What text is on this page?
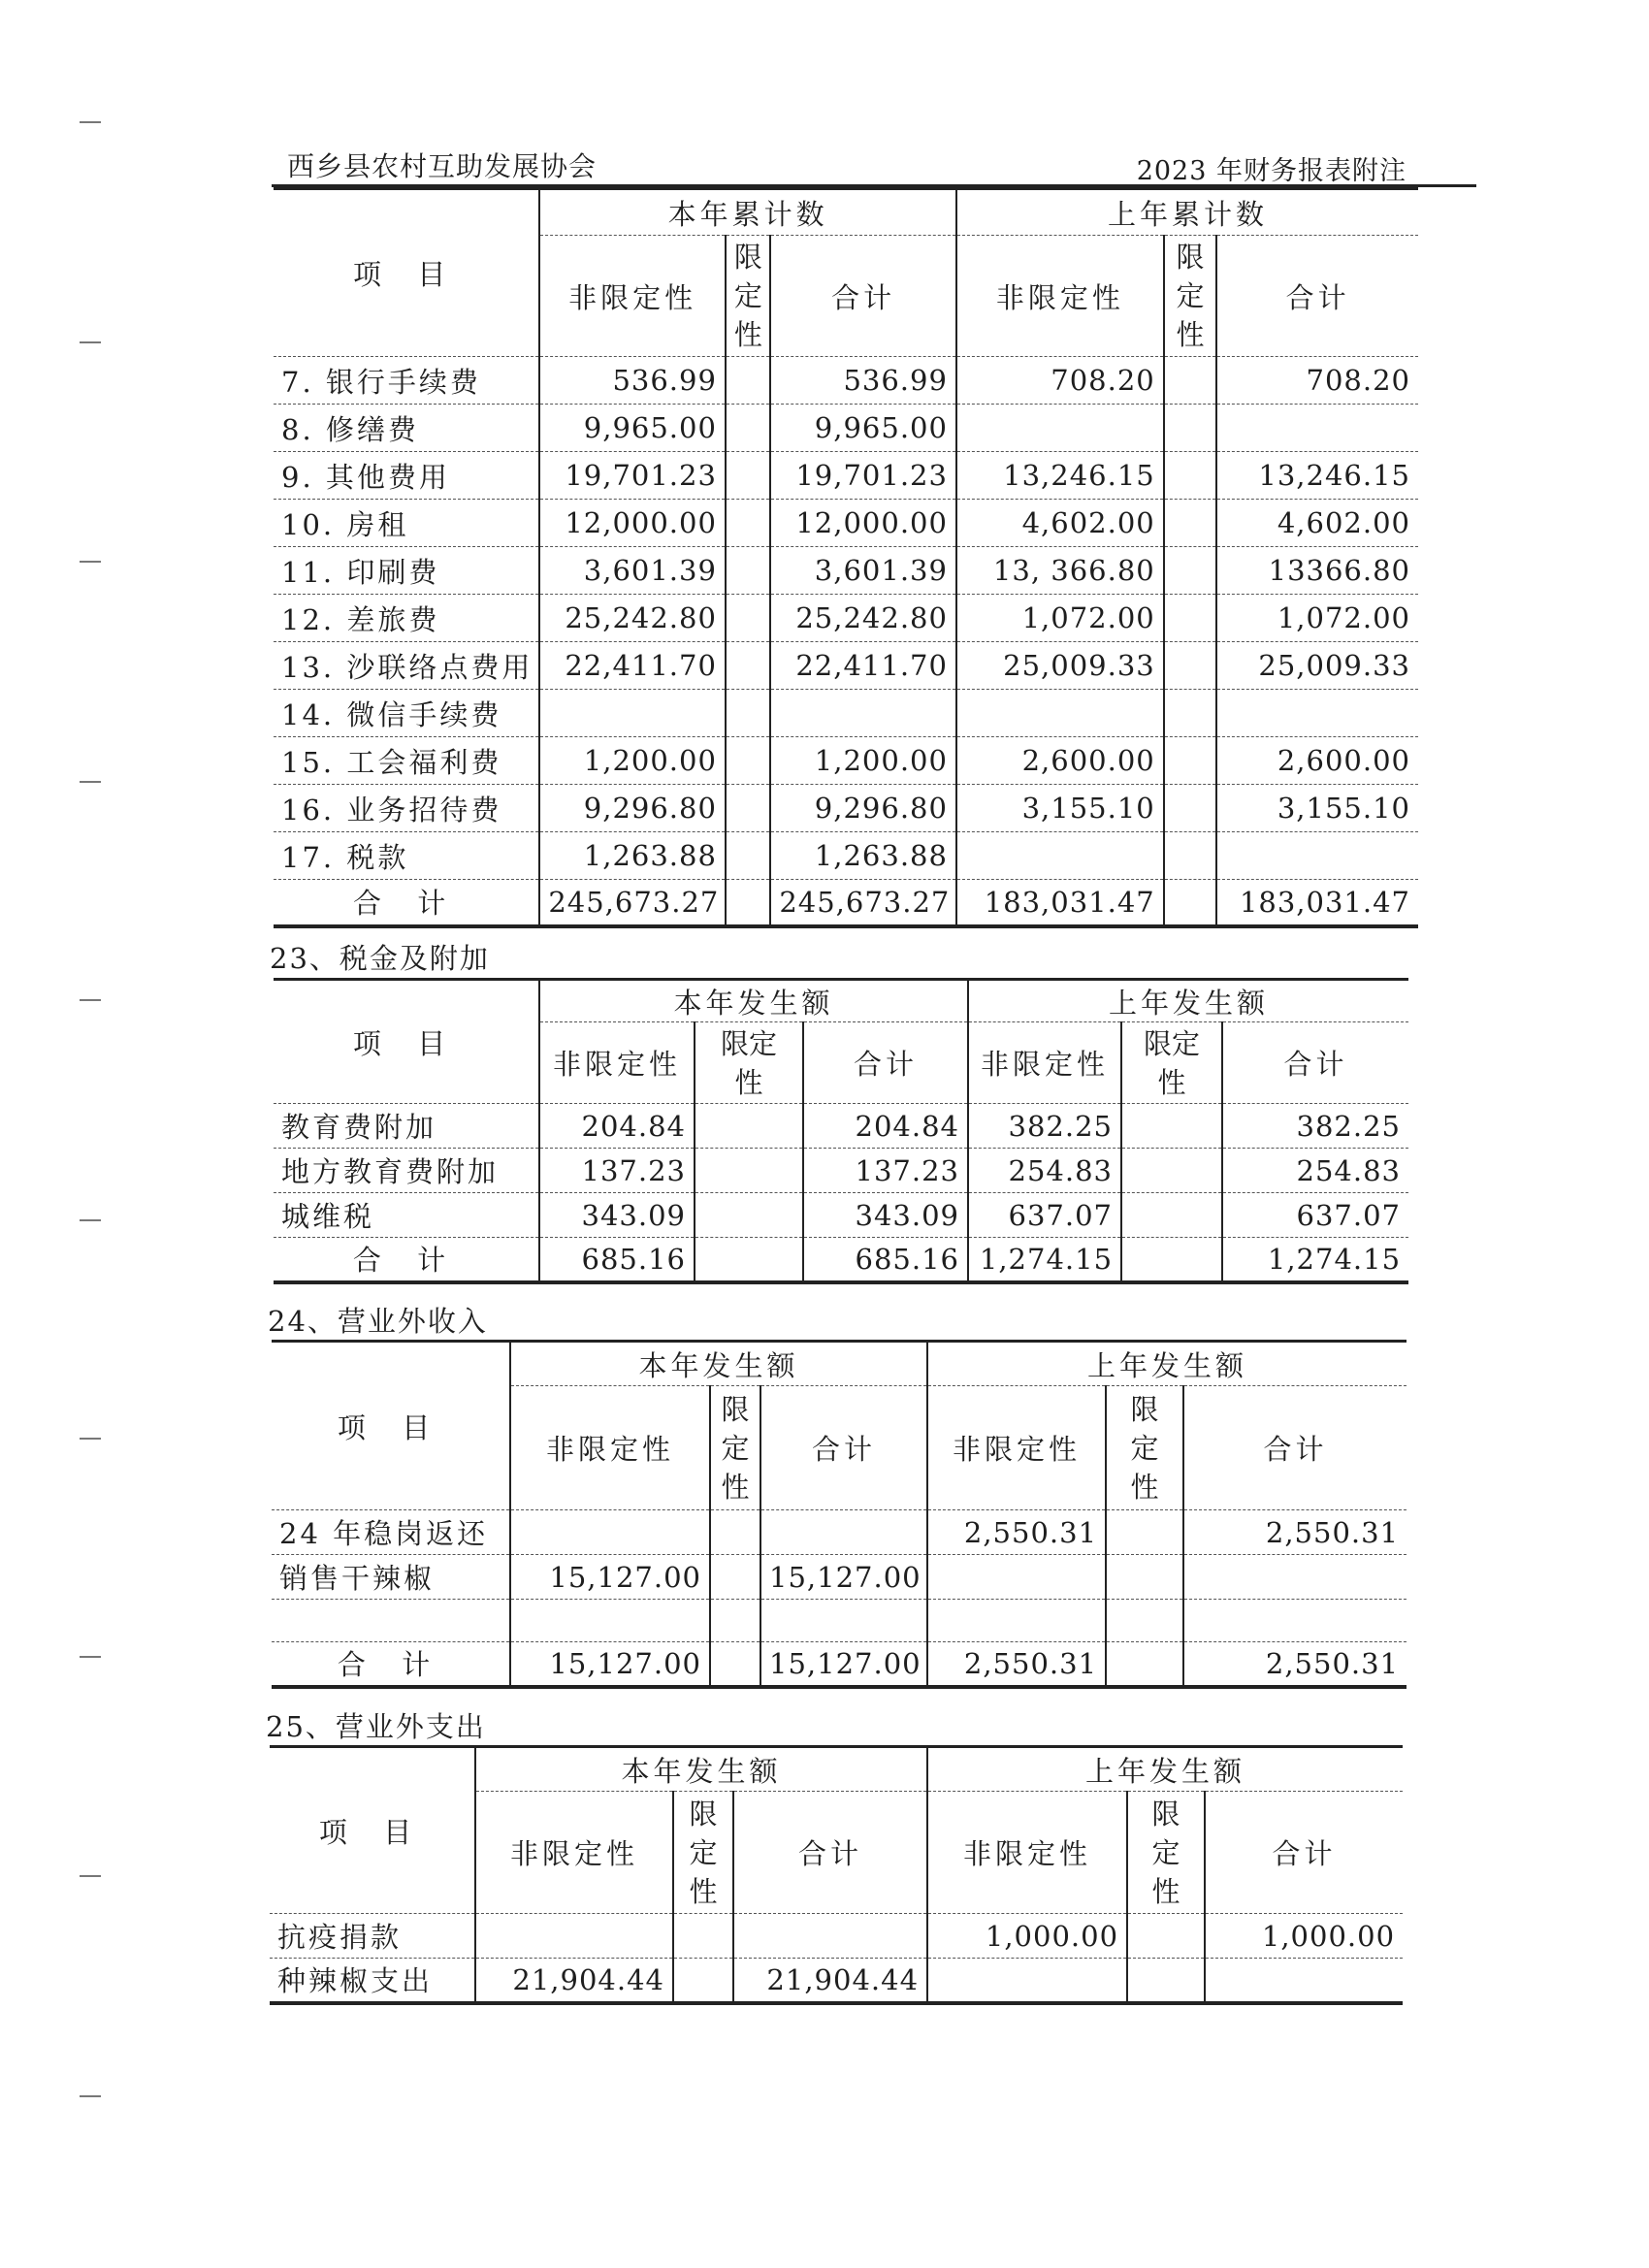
西乡县农村互助发展协会	2023 年财务报表附注
项 目	本年累计数			上年累计数		
	非限定性	限
定
性	合计	非限定性	限
定
性	合计
7. 银行手续费	536.99		536.99	708.20		708.20
8. 修缮费	9,965.00		9,965.00			
9. 其他费用	19,701.23		19,701.23	13,246.15		13,246.15
10. 房租	12,000.00		12,000.00	4,602.00		4,602.00
11. 印刷费	3,601.39		3,601.39	13, 366.80		13366.80
12. 差旅费	25,242.80		25,242.80	1,072.00		1,072.00
13. 沙联络点费用	22,411.70		22,411.70	25,009.33		25,009.33
14. 微信手续费						
15. 工会福利费	1,200.00		1,200.00	2,600.00		2,600.00
16. 业务招待费	9,296.80		9,296.80	3,155.10		3,155.10
17. 税款	1,263.88		1,263.88			
合 计	245,673.27		245,673.27	183,031.47		183,031.47
23、税金及附加
项 目	本年发生额			上年发生额		
	非限定性	限定
性	合计	非限定性	限定
性	合计
教育费附加	204.84		204.84	382.25		382.25
地方教育费附加	137.23		137.23	254.83		254.83
城维税	343.09		343.09	637.07		637.07
合 计	685.16		685.16	1,274.15		1,274.15
24、营业外收入
项 目	本年发生额			上年发生额		
	非限定性	限
定
性	合计	非限定性	限
定
性	合计
24 年稳岗返还				2,550.31		2,550.31
销售干辣椒	15,127.00		15,127.00			

合 计	15,127.00		15,127.00	2,550.31		2,550.31
25、营业外支出
项 目	本年发生额			上年发生额		
	非限定性	限
定
性	合计	非限定性	限
定
性	合计
抗疫捐款				1,000.00		1,000.00
种辣椒支出	21,904.44		21,904.44			
